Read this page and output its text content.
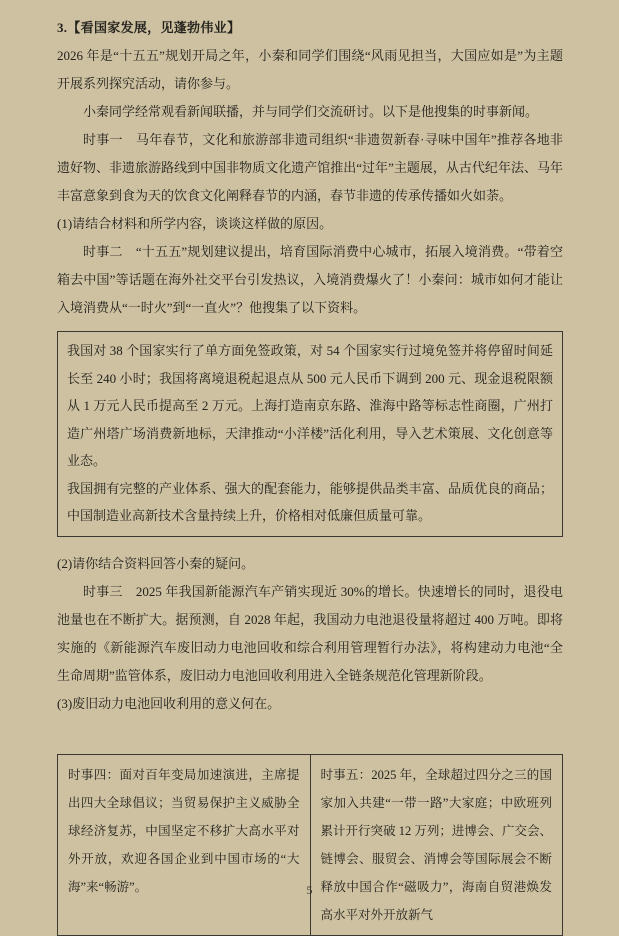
3.【看国家发展，见蓬勃伟业】

2026 年是“十五五”规划开局之年，小秦和同学们围绕“风雨见担当，大国应如是”为主题开展系列探究活动，请你参与。

小秦同学经常观看新闻联播，并与同学们交流研讨。以下是他搜集的时事新闻。

时事一　马年春节，文化和旅游部非遗司组织“非遗贺新春·寻味中国年”推荐各地非遗好物、非遗旅游路线到中国非物质文化遗产馆推出“过年”主题展，从古代纪年法、马年丰富意象到食为天的饮食文化阐释春节的内涵，春节非遗的传承传播如火如荼。

(1)请结合材料和所学内容，谈谈这样做的原因。

时事二　“十五五”规划建议提出，培育国际消费中心城市，拓展入境消费。“带着空箱去中国”等话题在海外社交平台引发热议，入境消费爆火了！小秦问：城市如何才能让入境消费从“一时火”到“一直火”？他搜集了以下资料。

我国对 38 个国家实行了单方面免签政策，对 54 个国家实行过境免签并将停留时间延长至 240 小时；我国将离境退税起退点从 500 元人民币下调到 200 元、现金退税限额从 1 万元人民币提高至 2 万元。上海打造南京东路、淮海中路等标志性商圈，广州打造广州塔广场消费新地标，天津推动“小洋楼”活化利用，导入艺术策展、文化创意等业态。

我国拥有完整的产业体系、强大的配套能力，能够提供品类丰富、品质优良的商品；中国制造业高新技术含量持续上升，价格相对低廉但质量可靠。

(2)请你结合资料回答小秦的疑问。

时事三　2025 年我国新能源汽车产销实现近 30%的增长。快速增长的同时，退役电池量也在不断扩大。据预测，自 2028 年起，我国动力电池退役量将超过 400 万吨。即将实施的《新能源汽车废旧动力电池回收和综合利用管理暂行办法》，将构建动力电池“全生命周期”监管体系，废旧动力电池回收利用进入全链条规范化管理新阶段。

(3)废旧动力电池回收利用的意义何在。

时事四：面对百年变局加速演进，主席提出四大全球倡议；当贸易保护主义威胁全球经济复苏，中国坚定不移扩大高水平对外开放，欢迎各国企业到中国市场的“大海”来“畅游”。	时事五：2025 年，全球超过四分之三的国家加入共建“一带一路”大家庭；中欧班列累计开行突破 12 万列；进博会、广交会、链博会、服贸会、消博会等国际展会不断释放中国合作“磁吸力”，海南自贸港焕发高水平对外开放新气
5
